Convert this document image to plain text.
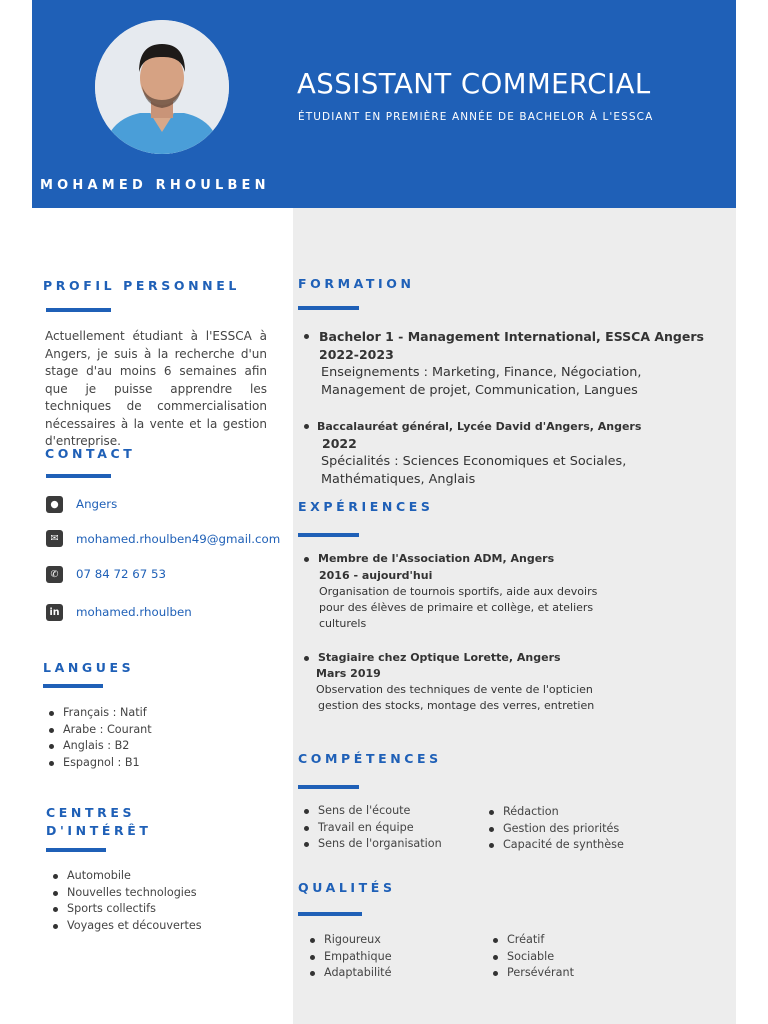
MOHAMED RHOULBEN
ASSISTANT COMMERCIAL
ÉTUDIANT EN PREMIÈRE ANNÉE DE BACHELOR À L'ESSCA
PROFIL PERSONNEL
Actuellement étudiant à l'ESSCA à Angers, je suis à la recherche d'un stage d'au moins 6 semaines afin que je puisse apprendre les techniques de commercialisation nécessaires à la vente et la gestion d'entreprise.
CONTACT
●	Angers
✉	mohamed.rhoulben49@gmail.com
✆	07 84 72 67 53
in mohamed.rhoulben
LANGUES
Français : Natif
Arabe : Courant
Anglais : B2
Espagnol : B1
CENTRES
D'INTÉRÊT
Automobile
Nouvelles technologies
Sports collectifs
Voyages et découvertes
FORMATION
Bachelor 1 - Management International, ESSCA Angers
2022-2023
Enseignements : Marketing, Finance, Négociation,
Management de projet, Communication, Langues
Baccalauréat général, Lycée David d'Angers, Angers
2022
Spécialités : Sciences Economiques et Sociales,
Mathématiques, Anglais
EXPÉRIENCES
Membre de l'Association ADM, Angers
2016 - aujourd'hui
Organisation de tournois sportifs, aide aux devoirs
pour des élèves de primaire et collège, et ateliers
culturels
Stagiaire chez Optique Lorette, Angers
Mars 2019
Observation des techniques de vente de l'opticien
gestion des stocks, montage des verres, entretien
COMPÉTENCES
Sens de l'écoute
Travail en équipe
Sens de l'organisation
Rédaction
Gestion des priorités
Capacité de synthèse
QUALITÉS
Rigoureux
Empathique
Adaptabilité
Créatif
Sociable
Persévérant
